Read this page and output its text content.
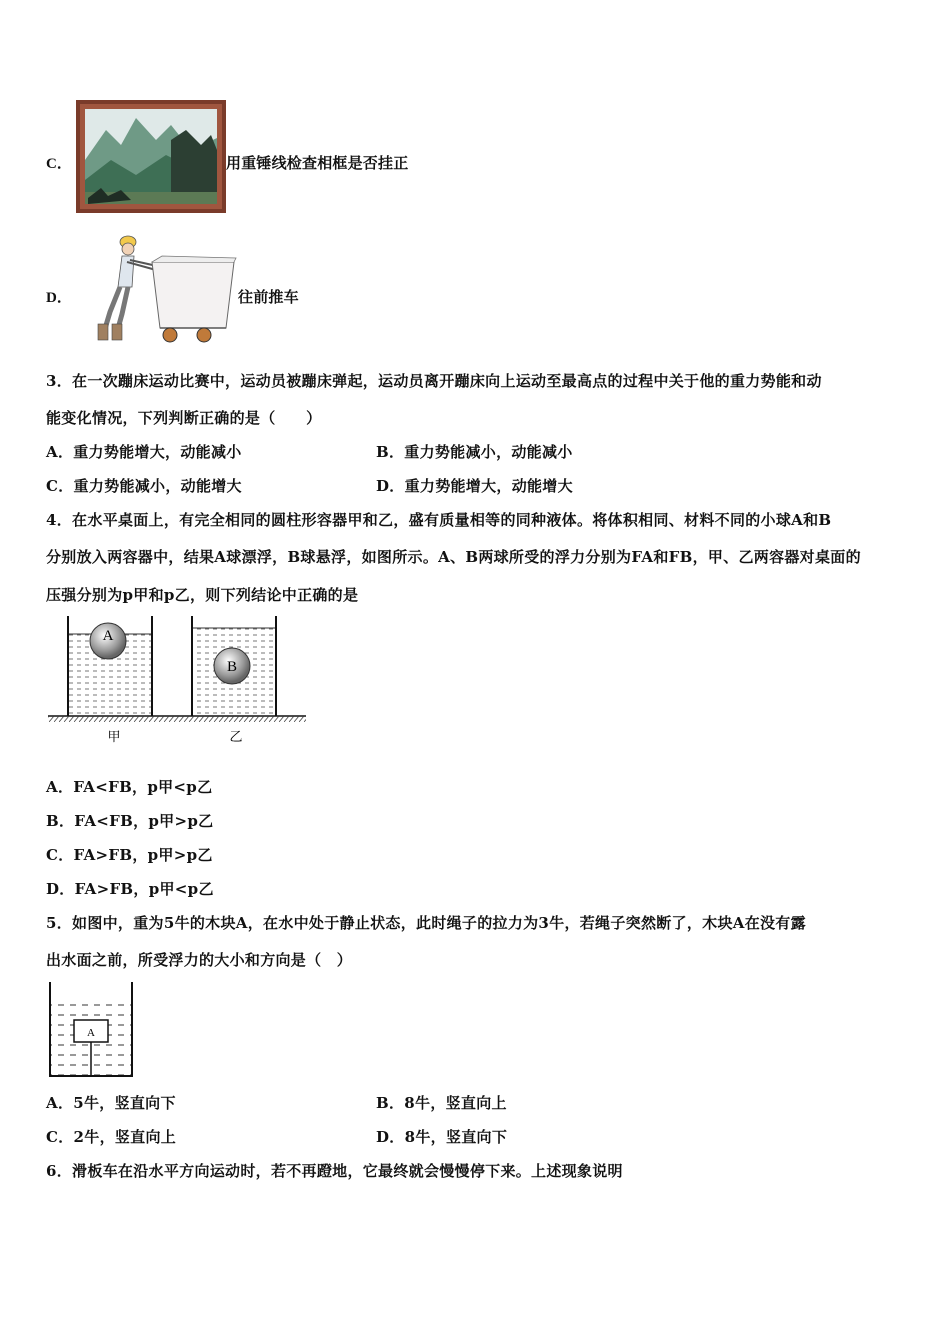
C．	用重锤线检查相框是否挂正
D．	往前推车
3．在一次蹦床运动比赛中，运动员被蹦床弹起，运动员离开蹦床向上运动至最高点的过程中关于他的重力势能和动
能变化情况，下列判断正确的是（　　）
A．重力势能增大，动能减小	B．重力势能减小，动能减小
C．重力势能减小，动能增大	D．重力势能增大，动能增大
4．在水平桌面上，有完全相同的圆柱形容器甲和乙，盛有质量相等的同种液体。将体积相同、材料不同的小球A和B
分别放入两容器中，结果A球漂浮，B球悬浮，如图所示。A、B两球所受的浮力分别为FA和FB，甲、乙两容器对桌面的
压强分别为p甲和p乙，则下列结论中正确的是
A
B
甲	乙
A．FA<FB，p甲<p乙
B．FA<FB，p甲>p乙
C．FA>FB，p甲>p乙
D．FA>FB，p甲<p乙
5．如图中，重为5牛的木块A，在水中处于静止状态，此时绳子的拉力为3牛，若绳子突然断了，木块A在没有露
出水面之前，所受浮力的大小和方向是（　）
A
A．5牛，竖直向下	B．8牛，竖直向上
C．2牛，竖直向上	D．8牛，竖直向下
6．滑板车在沿水平方向运动时，若不再蹬地，它最终就会慢慢停下来。上述现象说明
